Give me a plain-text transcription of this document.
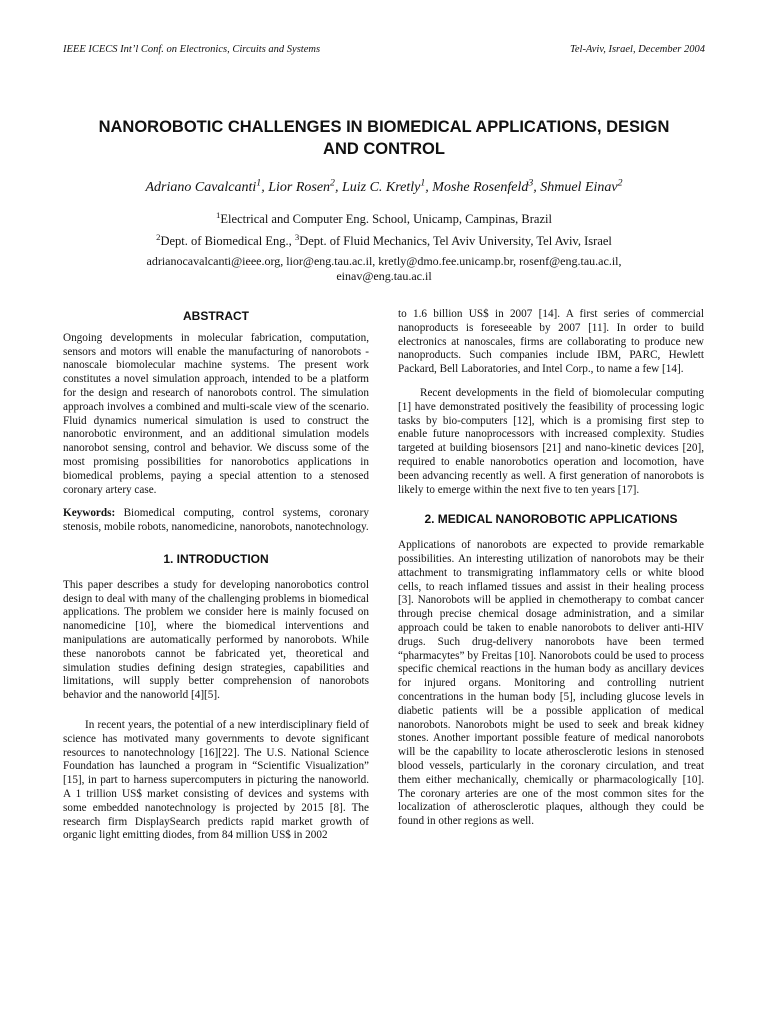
IEEE ICECS Int’l Conf. on Electronics, Circuits and Systems	Tel-Aviv, Israel, December 2004
NANOROBOTIC CHALLENGES IN BIOMEDICAL APPLICATIONS, DESIGN
AND CONTROL
Adriano Cavalcanti$^1$, Lior Rosen$^2$, Luiz C. Kretly$^1$, Moshe Rosenfeld$^3$, Shmuel Einav$^2$
$^1$Electrical and Computer Eng. School, Unicamp, Campinas, Brazil
$^2$Dept. of Biomedical Eng., $^3$Dept. of Fluid Mechanics, Tel Aviv University, Tel Aviv, Israel
adrianocavalcanti@ieee.org, lior@eng.tau.ac.il, kretly@dmo.fee.unicamp.br, rosenf@eng.tau.ac.il,
einav@eng.tau.ac.il
ABSTRACT

Ongoing developments in molecular fabrication, computation, sensors and motors will enable the manufacturing of nanorobots - nanoscale biomolecular machine systems. The present work constitutes a novel simulation approach, intended to be a platform for the design and research of nanorobots control. The simulation approach involves a combined and multi-scale view of the scenario. Fluid dynamics numerical simulation is used to construct the nanorobotic environment, and an additional simulation models nanorobot sensing, control and behavior. We discuss some of the most promising possibilities for nanorobotics applications in biomedical problems, paying a special attention to a stenosed coronary artery case.

Keywords: Biomedical computing, control systems, coronary stenosis, mobile robots, nanomedicine, nanorobots, nanotechnology.

1. INTRODUCTION

This paper describes a study for developing nanorobotics control design to deal with many of the challenging problems in biomedical applications. The problem we consider here is mainly focused on nanomedicine [10], where the biomedical interventions and manipulations are automatically performed by nanorobots. While these nanorobots cannot be fabricated yet, theoretical and simulation studies defining design strategies, capabilities and limitations, will supply better comprehension of nanorobots behavior and the nanoworld [4][5].

In recent years, the potential of a new interdisciplinary field of science has motivated many governments to devote significant resources to nanotechnology [16][22]. The U.S. National Science Foundation has launched a program in “Scientific Visualization” [15], in part to harness supercomputers in picturing the nanoworld. A 1 trillion US$ market consisting of devices and systems with some embedded nanotechnology is projected by 2015 [8]. The research firm DisplaySearch predicts rapid market growth of organic light emitting diodes, from 84 million US$ in 2002

to 1.6 billion US$ in 2007 [14]. A first series of commercial nanoproducts is foreseeable by 2007 [11]. In order to build electronics at nanoscales, firms are collaborating to produce new nanoproducts. Such companies include IBM, PARC, Hewlett Packard, Bell Laboratories, and Intel Corp., to name a few [14].

Recent developments in the field of biomolecular computing [1] have demonstrated positively the feasibility of processing logic tasks by bio-computers [12], which is a promising first step to enable future nanoprocessors with increased complexity. Studies targeted at building biosensors [21] and nano-kinetic devices [20], required to enable nanorobotics operation and locomotion, have been advancing recently as well. A first generation of nanorobots is likely to emerge within the next five to ten years [17].

2. MEDICAL NANOROBOTIC APPLICATIONS

Applications of nanorobots are expected to provide remarkable possibilities. An interesting utilization of nanorobots may be their attachment to transmigrating inflammatory cells or white blood cells, to reach inflamed tissues and assist in their healing process [3]. Nanorobots will be applied in chemotherapy to combat cancer through precise chemical dosage administration, and a similar approach could be taken to enable nanorobots to deliver anti-HIV drugs. Such drug-delivery nanorobots have been termed “pharmacytes” by Freitas [10]. Nanorobots could be used to process specific chemical reactions in the human body as ancillary devices for injured organs. Monitoring and controlling nutrient concentrations in the human body [5], including glucose levels in diabetic patients will be a possible application of medical nanorobots. Nanorobots might be used to seek and break kidney stones. Another important possible feature of medical nanorobots will be the capability to locate atherosclerotic lesions in stenosed blood vessels, particularly in the coronary circulation, and treat them either mechanically, chemically or pharmacologically [10]. The coronary arteries are one of the most common sites for the localization of atherosclerotic plaques, although they could be found in other regions as well.
